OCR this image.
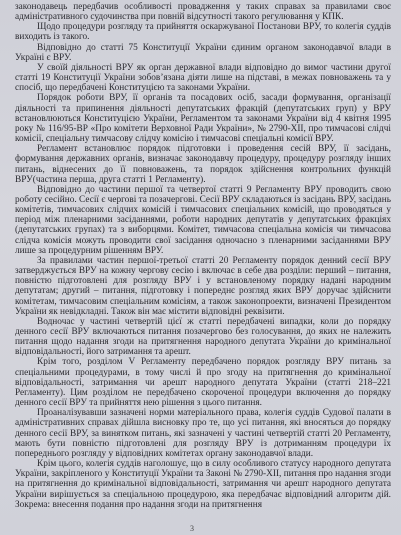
законодавець передбачив особливості провадження у таких справах за правилами своє адміністративного судочинства при повній відсутності такого регулювання у КПК.

Щодо процедури розгляду та прийняття оскаржуваної Постанови ВРУ, то колегія суддів виходить із такого.

Відповідно до статті 75 Конституції України єдиним органом законодавчої влади в Україні є ВРУ.

У своїй діяльності ВРУ як орган державної влади відповідно до вимог частини другої статті 19 Конституції України зобов’язана діяти лише на підставі, в межах повноважень та у спосіб, що передбачені Конституцією та законами України.

Порядок роботи ВРУ, її органів та посадових осіб, засади формування, організації діяльності та припинення діяльності депутатських фракцій (депутатських груп) у ВРУ встановлюються Конституцією України, Регламентом та законами України від 4 квітня 1995 року № 116/95-ВР «Про комітети Верховної Ради України», № 2790-XII, про тимчасові слідчі комісії, спеціальну тимчасову слідчу комісію і тимчасові спеціальні комісії ВРУ.

Регламент встановлює порядок підготовки і проведення сесій ВРУ, її засідань, формування державних органів, визначає законодавчу процедуру, процедуру розгляду інших питань, віднесених до її повноважень, та порядок здійснення контрольних функцій ВРУ(частина перша, друга статті 1 Регламенту).

Відповідно до частини першої та четвертої статті 9 Регламенту ВРУ проводить свою роботу сесійно. Сесії є чергові та позачергові. Сесії ВРУ складаються із засідань ВРУ, засідань комітетів, тимчасових слідчих комісій і тимчасових спеціальних комісій, що проводяться у період між пленарними засіданнями, роботи народних депутатів у депутатських фракціях (депутатських групах) та з виборцями. Комітет, тимчасова спеціальна комісія чи тимчасова слідча комісія можуть проводити свої засідання одночасно з пленарними засіданнями ВРУ лише за процедурним рішенням ВРУ.

За правилами частин першої-третьої статті 20 Регламенту порядок денний сесії ВРУ затверджується ВРУ на кожну чергову сесію і включає в себе два розділи: перший – питання, повністю підготовлені для розгляду ВРУ і у встановленому порядку надані народним депутатам; другий – питання, підготовку і попереднє розгляд яких ВРУ доручає здійснити комітетам, тимчасовим спеціальним комісіям, а також законопроекти, визначені Президентом України як невідкладні. Також він має містити відповідні реквізити.

Водночас у частині четвертій цієї ж статті передбачені випадки, коли до порядку денного сесії ВРУ включаються питання позачергово без голосування, до яких не належить питання щодо надання згоди на притягнення народного депутата України до кримінальної відповідальності, його затримання та арешт.

Крім того, розділом V Регламенту передбачено порядок розгляду ВРУ питань за спеціальними процедурами, в тому числі й про згоду на притягнення до кримінальної відповідальності, затримання чи арешт народного депутата України (статті 218–221 Регламенту). Цим розділом не передбачено скороченої процедури включення до порядку денного сесії ВРУ та прийняття нею рішення з цього питання.

Проаналізувавши зазначені норми матеріального права, колегія суддів Судової палати в адміністративних справах дійшла висновку про те, що усі питання, які вносяться до порядку денного сесії ВРУ, за винятком питань, які зазначені у частині четвертій статті 20 Регламенту, мають бути повністю підготовлені для розгляду ВРУ із дотриманням процедури їх попереднього розгляду у відповідних комітетах органу законодавчої влади.

Крім цього, колегія суддів наголошує, що в силу особливого статусу народного депутата України, закріпленого у Конституції України та Законі № 2790-XII, питання про надання згоди на притягнення до кримінальної відповідальності, затримання чи арешт народного депутата України вирішується за спеціальною процедурою, яка передбачає відповідний алгоритм дій. Зокрема: внесення подання про надання згоди на притягнення

3
